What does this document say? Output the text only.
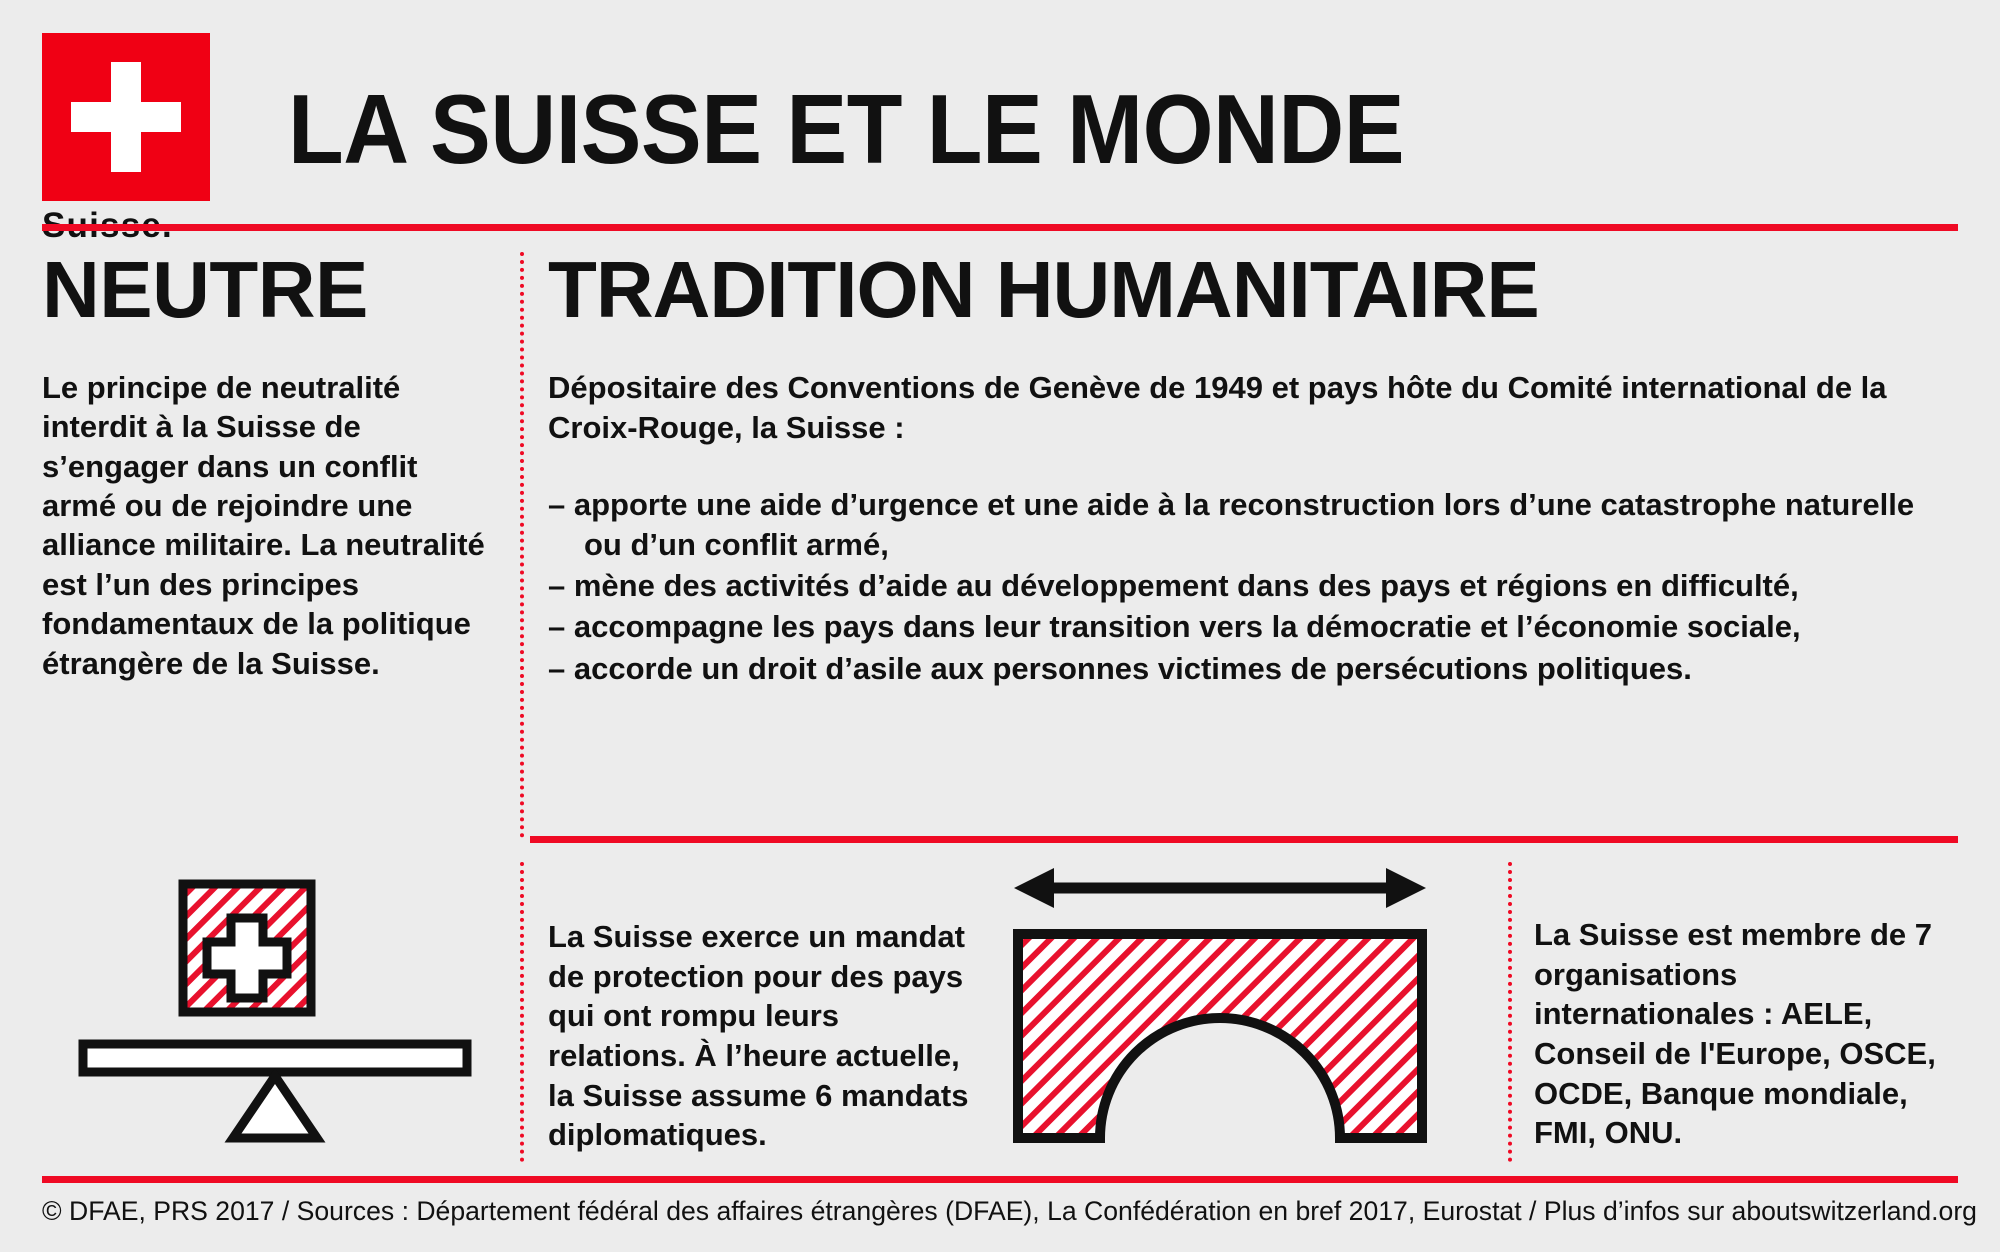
LA SUISSE ET LE MONDE
NEUTRE

Le principe de neutralité interdit à la Suisse de s’engager dans un conflit armé ou de rejoindre une alliance militaire. La neutralité est l’un des principes fondamentaux de la politique étrangère de la Suisse.

TRADITION HUMANITAIRE

Dépositaire des Conventions de Genève de 1949 et pays hôte du Comité international de la Croix-Rouge, la Suisse :

– apporte une aide d’urgence et une aide à la reconstruction lors d’une catastrophe naturelle ou d’un conflit armé,
– mène des activités d’aide au développement dans des pays et régions en difficulté,
– accompagne les pays dans leur transition vers la démocratie et l’économie sociale,
– accorde un droit d’asile aux personnes victimes de persécutions politiques.

La Suisse exerce un mandat de protection pour des pays qui ont rompu leurs relations. À l’heure actuelle, la Suisse assume 6 mandats diplomatiques.

La Suisse est membre de 7 organisations internationales : AELE, Conseil de l'Europe, OSCE, OCDE, Banque mondiale, FMI, ONU.

© DFAE, PRS 2017 / Sources : Département fédéral des affaires étrangères (DFAE), La Confédération en bref 2017, Eurostat / Plus d’infos sur aboutswitzerland.org
